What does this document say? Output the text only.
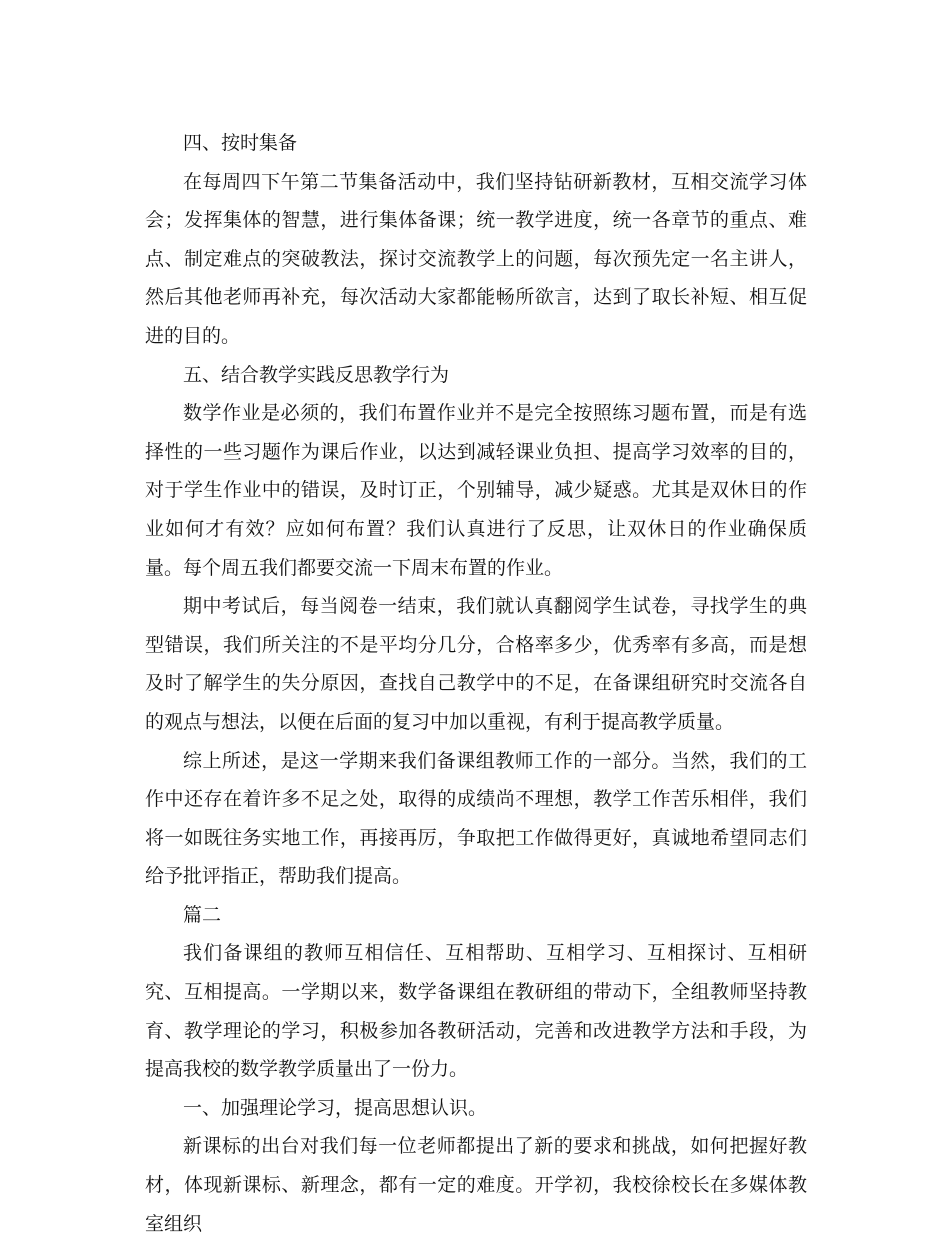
四、按时集备

在每周四下午第二节集备活动中，我们坚持钻研新教材，互相交流学习体会；发挥集体的智慧，进行集体备课；统一教学进度，统一各章节的重点、难点、制定难点的突破教法，探讨交流教学上的问题，每次预先定一名主讲人，然后其他老师再补充，每次活动大家都能畅所欲言，达到了取长补短、相互促进的目的。

五、结合教学实践反思教学行为

数学作业是必须的，我们布置作业并不是完全按照练习题布置，而是有选择性的一些习题作为课后作业，以达到减轻课业负担、提高学习效率的目的，对于学生作业中的错误，及时订正，个别辅导，减少疑惑。尤其是双休日的作业如何才有效？应如何布置？我们认真进行了反思，让双休日的作业确保质量。每个周五我们都要交流一下周末布置的作业。

期中考试后，每当阅卷一结束，我们就认真翻阅学生试卷，寻找学生的典型错误，我们所关注的不是平均分几分，合格率多少，优秀率有多高，而是想及时了解学生的失分原因，查找自己教学中的不足，在备课组研究时交流各自的观点与想法，以便在后面的复习中加以重视，有利于提高教学质量。

综上所述，是这一学期来我们备课组教师工作的一部分。当然，我们的工作中还存在着许多不足之处，取得的成绩尚不理想，教学工作苦乐相伴，我们将一如既往务实地工作，再接再厉，争取把工作做得更好，真诚地希望同志们给予批评指正，帮助我们提高。

篇二

我们备课组的教师互相信任、互相帮助、互相学习、互相探讨、互相研究、互相提高。一学期以来，数学备课组在教研组的带动下，全组教师坚持教育、教学理论的学习，积极参加各教研活动，完善和改进教学方法和手段，为提高我校的数学教学质量出了一份力。

一、加强理论学习，提高思想认识。

新课标的出台对我们每一位老师都提出了新的要求和挑战，如何把握好教材，体现新课标、新理念，都有一定的难度。开学初，我校徐校长在多媒体教室组织
